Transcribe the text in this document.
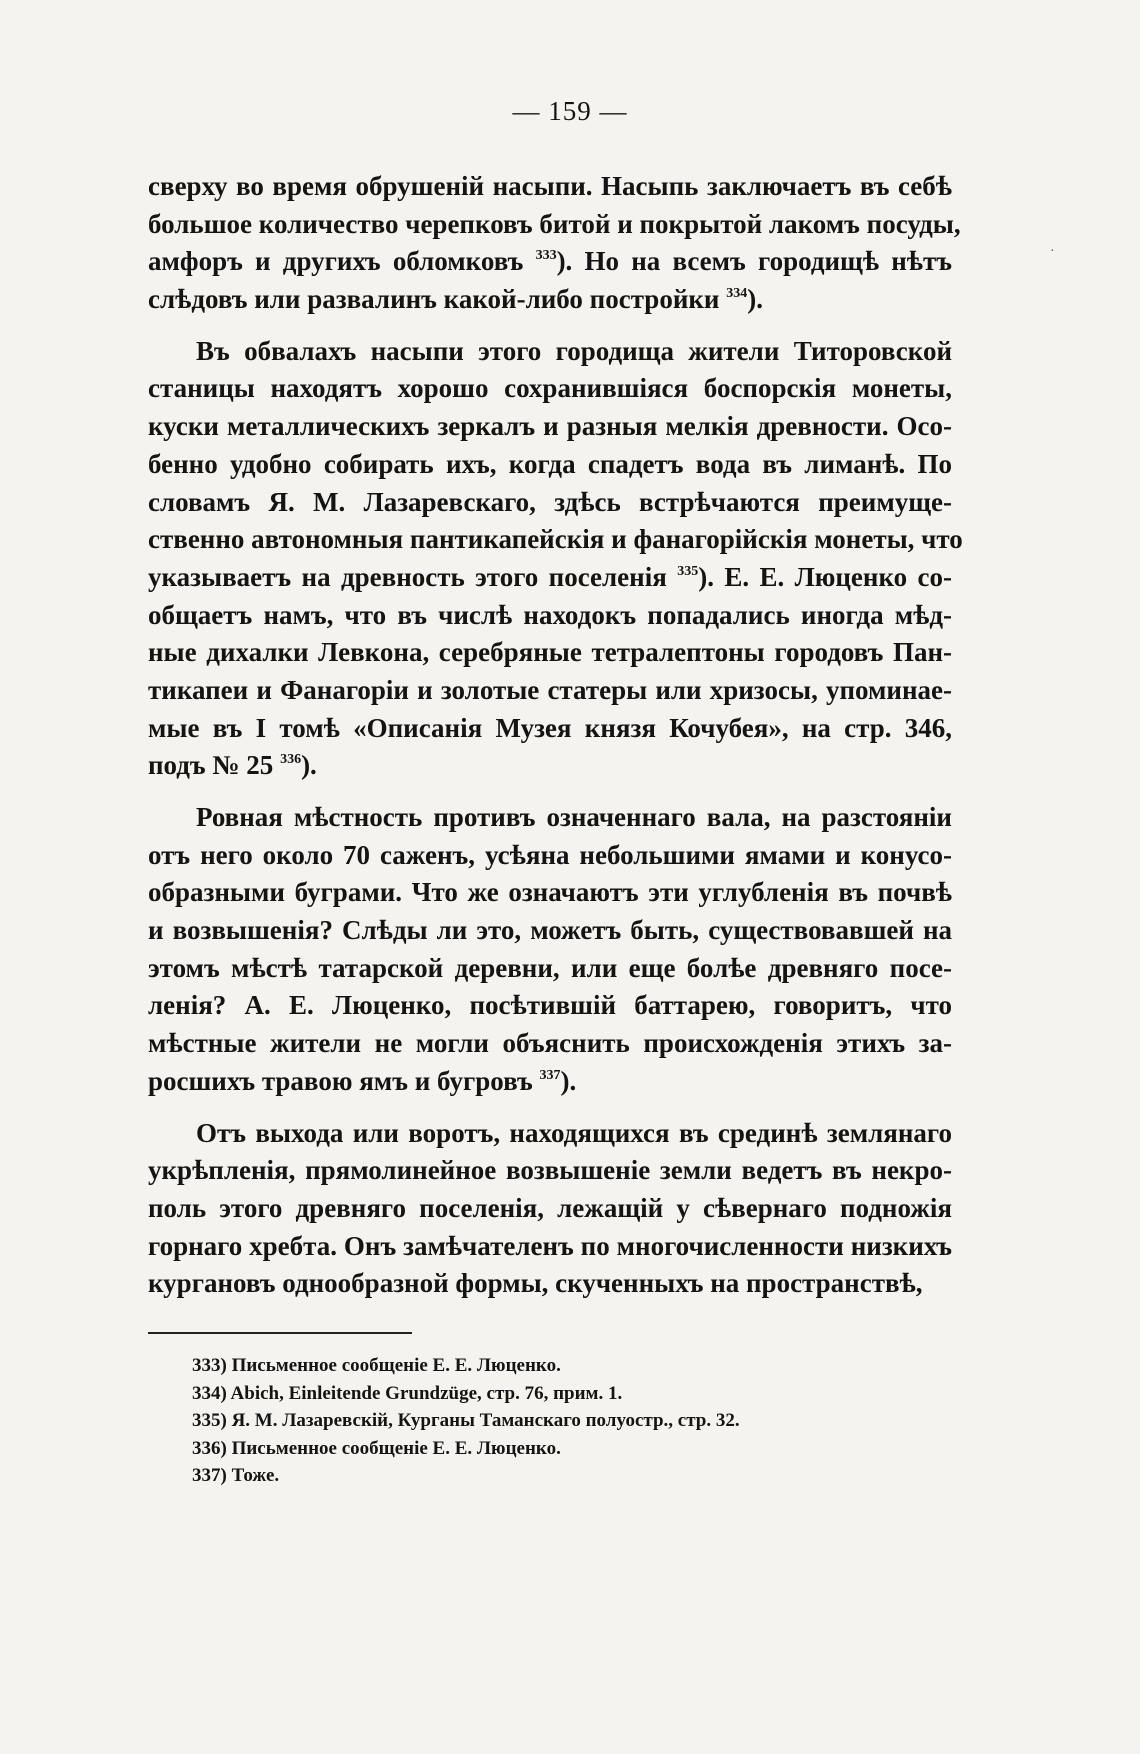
— 159 —
сверху во время обрушеній насыпи. Насыпь заключаетъ въ себѣ
большое количество черепковъ битой и покрытой лакомъ посуды,
амфоръ и другихъ обломковъ $^{333}$). Но на всемъ городищѣ нѣтъ
слѣдовъ или развалинъ какой-либо постройки $^{334}$).
Въ обвалахъ насыпи этого городища жители Титоровской
станицы находятъ хорошо сохранившіяся боспорскія монеты,
куски металлическихъ зеркалъ и разныя мелкія древности. Осо-
бенно удобно собирать ихъ, когда спадетъ вода въ лиманѣ. По
словамъ Я. М. Лазаревскаго, здѣсь встрѣчаются преимуще-
ственно автономныя пантикапейскія и фанагорійскія монеты, что
указываетъ на древность этого поселенія $^{335}$). Е. Е. Люценко со-
общаетъ намъ, что въ числѣ находокъ попадались иногда мѣд-
ные дихалки Левкона, серебряные тетралептоны городовъ Пан-
тикапеи и Фанагоріи и золотые статеры или хризосы, упоминае-
мые въ I томѣ «Описанія Музея князя Кочубея», на стр. 346,
подъ № 25 $^{336}$).
Ровная мѣстность противъ означеннаго вала, на разстояніи
отъ него около 70 саженъ, усѣяна небольшими ямами и конусо-
образными буграми. Что же означаютъ эти углубленія въ почвѣ
и возвышенія? Слѣды ли это, можетъ быть, существовавшей на
этомъ мѣстѣ татарской деревни, или еще болѣе древняго посе-
ленія? А. Е. Люценко, посѣтившій баттарею, говоритъ, что
мѣстные жители не могли объяснить происхожденія этихъ за-
росшихъ травою ямъ и бугровъ $^{337}$).
Отъ выхода или воротъ, находящихся въ срединѣ землянаго
укрѣпленія, прямолинейное возвышеніе земли ведетъ въ некро-
поль этого древняго поселенія, лежащій у сѣвернаго подножія
горнаго хребта. Онъ замѣчателенъ по многочисленности низкихъ
кургановъ однообразной формы, скученныхъ на пространствѣ,
333) Письменное сообщеніе Е. Е. Люценко.
334) Abich, Einleitende Grundzüge, стр. 76, прим. 1.
335) Я. М. Лазаревскій, Курганы Таманскаго полуостр., стр. 32.
336) Письменное сообщеніе Е. Е. Люценко.
337) Тоже.
·
